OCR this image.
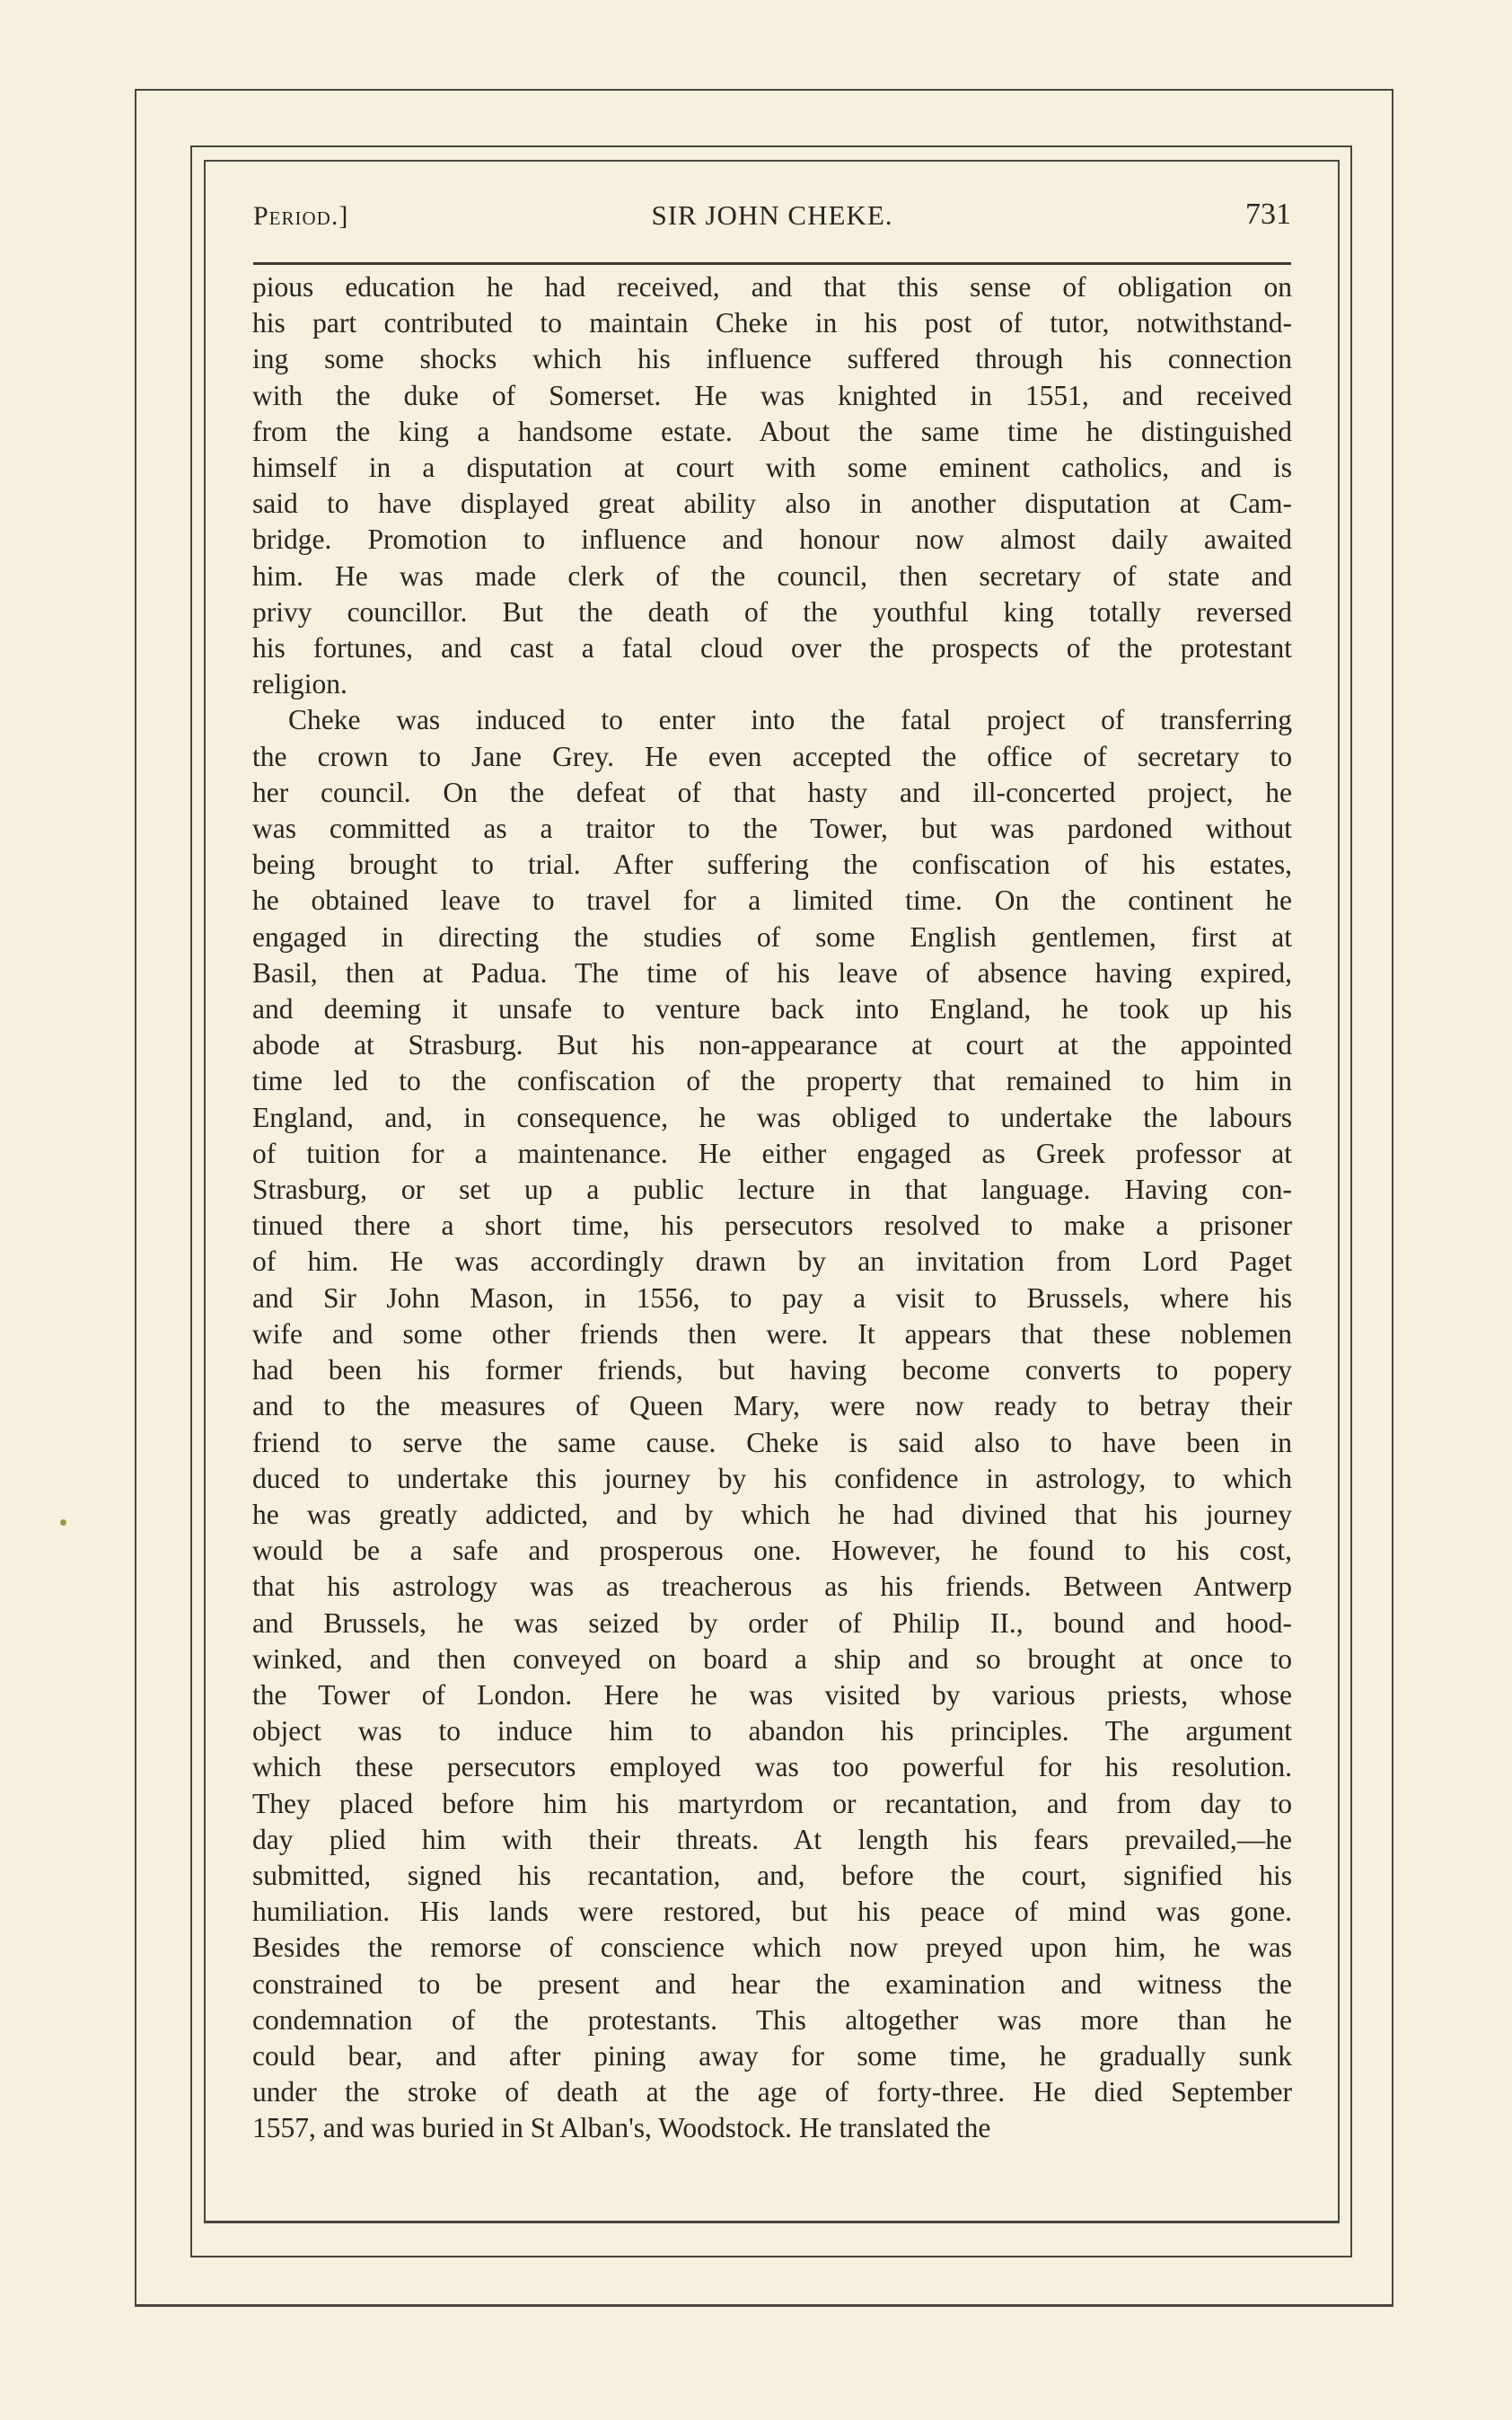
Period.]	SIR JOHN CHEKE.	731
pious education he had received, and that this sense of obligation on
his part contributed to maintain Cheke in his post of tutor, notwithstand-
ing some shocks which his influence suffered through his connection
with the duke of Somerset. He was knighted in 1551, and received
from the king a handsome estate. About the same time he distinguished
himself in a disputation at court with some eminent catholics, and is
said to have displayed great ability also in another disputation at Cam-
bridge. Promotion to influence and honour now almost daily awaited
him. He was made clerk of the council, then secretary of state and
privy councillor. But the death of the youthful king totally reversed
his fortunes, and cast a fatal cloud over the prospects of the protestant
religion.
Cheke was induced to enter into the fatal project of transferring
the crown to Jane Grey. He even accepted the office of secretary to
her council. On the defeat of that hasty and ill-concerted project, he
was committed as a traitor to the Tower, but was pardoned without
being brought to trial. After suffering the confiscation of his estates,
he obtained leave to travel for a limited time. On the continent he
engaged in directing the studies of some English gentlemen, first at
Basil, then at Padua. The time of his leave of absence having expired,
and deeming it unsafe to venture back into England, he took up his
abode at Strasburg. But his non-appearance at court at the appointed
time led to the confiscation of the property that remained to him in
England, and, in consequence, he was obliged to undertake the labours
of tuition for a maintenance. He either engaged as Greek professor at
Strasburg, or set up a public lecture in that language. Having con-
tinued there a short time, his persecutors resolved to make a prisoner
of him. He was accordingly drawn by an invitation from Lord Paget
and Sir John Mason, in 1556, to pay a visit to Brussels, where his
wife and some other friends then were. It appears that these noblemen
had been his former friends, but having become converts to popery
and to the measures of Queen Mary, were now ready to betray their
friend to serve the same cause. Cheke is said also to have been in
duced to undertake this journey by his confidence in astrology, to which
he was greatly addicted, and by which he had divined that his journey
would be a safe and prosperous one. However, he found to his cost,
that his astrology was as treacherous as his friends. Between Antwerp
and Brussels, he was seized by order of Philip II., bound and hood-
winked, and then conveyed on board a ship and so brought at once to
the Tower of London. Here he was visited by various priests, whose
object was to induce him to abandon his principles. The argument
which these persecutors employed was too powerful for his resolution.
They placed before him his martyrdom or recantation, and from day to
day plied him with their threats. At length his fears prevailed,—he
submitted, signed his recantation, and, before the court, signified his
humiliation. His lands were restored, but his peace of mind was gone.
Besides the remorse of conscience which now preyed upon him, he was
constrained to be present and hear the examination and witness the
condemnation of the protestants. This altogether was more than he
could bear, and after pining away for some time, he gradually sunk
under the stroke of death at the age of forty-three. He died September
1557, and was buried in St Alban's, Woodstock. He translated the
